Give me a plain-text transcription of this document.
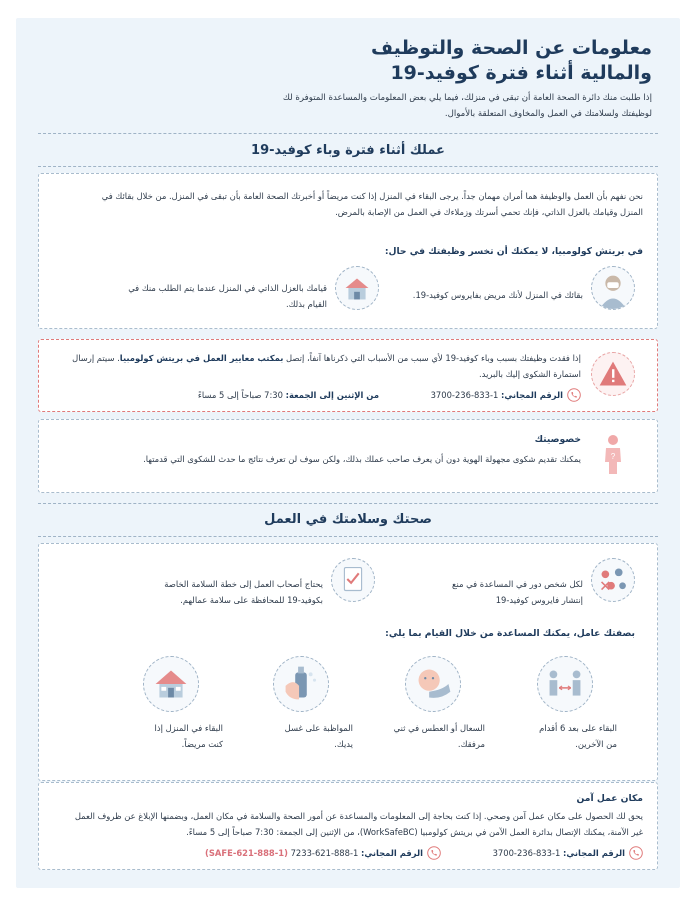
معلومات عن الصحة والتوظيف
والمالية أثناء فترة كوفيد-19
إذا طلبت منك دائرة الصحة العامة أن تبقى في منزلك، فيما يلي بعض المعلومات والمساعدة المتوفرة لك
لوظيفتك ولسلامتك في العمل والمخاوف المتعلقة بالأموال.
عملك أثناء فترة وباء كوفيد-19
نحن نفهم بأن العمل والوظيفة هما أمران مهمان جداً. يرجى البقاء في المنزل إذا كنت مريضاً أو أخبرتك الصحة العامة بأن تبقى في المنزل. من خلال بقائك في
المنزل وقيامك بالعزل الذاتي، فإنك تحمي أسرتك وزملاءك في العمل من الإصابة بالمرض.
في بريتش كولومبيا، لا يمكنك أن تخسر وظيفتك في حال:
بقائك في المنزل لأنك مريض بفايروس كوفيد-19.
قيامك بالعزل الذاتي في المنزل عندما يتم الطلب منك في
القيام بذلك.
إذا فقدت وظيفتك بسبب وباء كوفيد-19 لأي سبب من الأسباب التي ذكرناها آنفاً، إتصل بمكتب معايير العمل في بريتش كولومبيا. سيتم إرسال
استمارة الشكوى إليك بالبريد.
الرقم المجاني: 1-833-236-3700
من الإثنين إلى الجمعة: 7:30 صباحاً إلى 5 مساءً
?
خصوصيتك
يمكنك تقديم شكوى مجهولة الهوية دون أن يعرف صاحب عملك بذلك، ولكن سوف لن تعرف نتائج ما حدث للشكوى التي قدمتها.
صحتك وسلامتك في العمل
لكل شخص دور في المساعدة في منع
إنتشار فايروس كوفيد-19
يحتاج أصحاب العمل إلى خطة السلامة الخاصة
بكوفيد-19 للمحافظة على سلامة عمالهم.
بصفتك عامل، يمكنك المساعدة من خلال القيام بما يلي:
البقاء على بعد 6 أقدام
من الآخرين.
السعال أو العطس في ثني
مرفقك.
المواظبة على غسل
يديك.
البقاء في المنزل إذا
كنت مريضاً.
مكان عمل آمن
يحق لك الحصول على مكان عمل آمن وصحي. إذا كنت بحاجة إلى المعلومات والمساعدة عن أمور الصحة والسلامة في مكان العمل، وبضمنها الإبلاغ عن ظروف العمل
غير الآمنة، يمكنك الإتصال بدائرة العمل الآمن في بريتش كولومبيا (WorkSafeBC)، من الإثنين إلى الجمعة: 7:30 صباحاً إلى 5 مساءً.
الرقم المجاني: 1-833-236-3700
الرقم المجاني: 1-888-621-7233 (1-888-621-SAFE)
